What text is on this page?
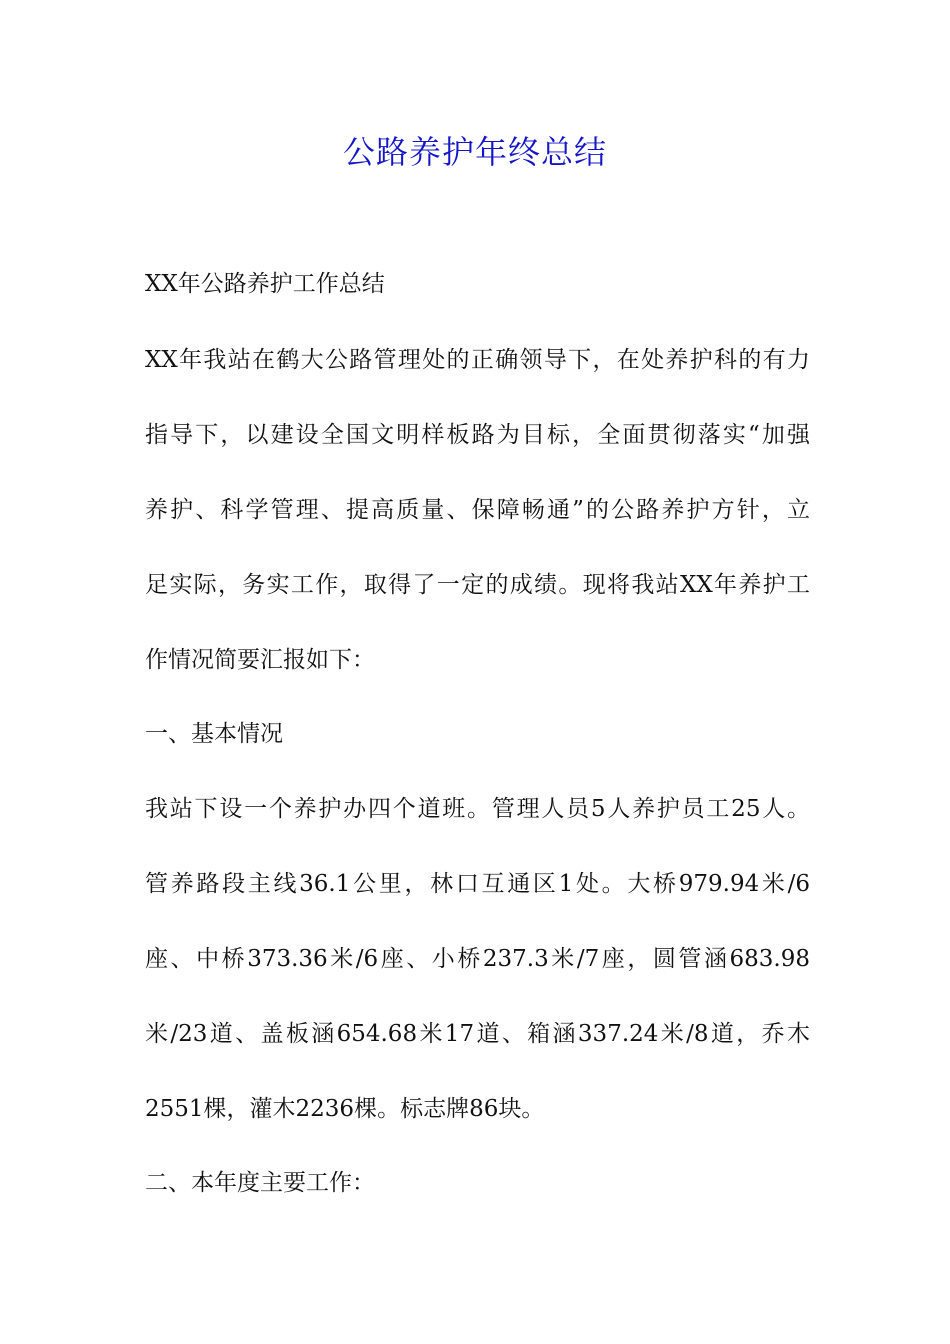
公路养护年终总结
XX年公路养护工作总结
XX年我站在鹤大公路管理处的正确领导下，在处养护科的有力
指导下，以建设全国文明样板路为目标，全面贯彻落实“加强
养护、科学管理、提高质量、保障畅通”的公路养护方针，立
足实际，务实工作，取得了一定的成绩。现将我站XX年养护工
作情况简要汇报如下：
一、基本情况
我站下设一个养护办四个道班。管理人员5人养护员工25人。
管养路段主线36.1公里，林口互通区1处。大桥979.94米/6
座、中桥373.36米/6座、小桥237.3米/7座，圆管涵683.98
米/23道、盖板涵654.68米17道、箱涵337.24米/8道，乔木
2551棵，灌木2236棵。标志牌86块。
二、本年度主要工作：
